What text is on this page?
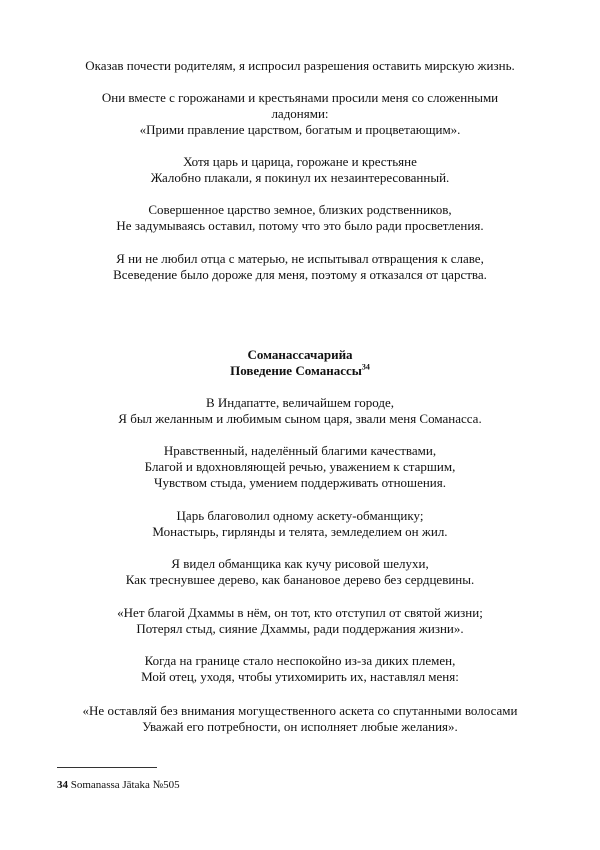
Оказав почести родителям, я испросил разрешения оставить мирскую жизнь.
Они вместе с горожанами и крестьянами просили меня со сложенными
ладонями:
«Прими правление царством, богатым и процветающим».
Хотя царь и царица, горожане и крестьяне
Жалобно плакали, я покинул их незаинтересованный.
Совершенное царство земное, близких родственников,
Не задумываясь оставил, потому что это было ради просветления.
Я ни не любил отца с матерью, не испытывал отвращения к славе,
Всеведение было дороже для меня, поэтому я отказался от царства.
Соманассачарийа
Поведение Соманассы$^{34}$
В Индапатте, величайшем городе,
Я был желанным и любимым сыном царя, звали меня Соманасса.
Нравственный, наделённый благими качествами,
Благой и вдохновляющей речью, уважением к старшим,
Чувством стыда, умением поддерживать отношения.
Царь благоволил одному аскету-обманщику;
Монастырь, гирлянды и телята, земледелием он жил.
Я видел обманщика как кучу рисовой шелухи,
Как треснувшее дерево, как банановое дерево без сердцевины.
«Нет благой Дхаммы в нём, он тот, кто отступил от святой жизни;
Потерял стыд, сияние Дхаммы, ради поддержания жизни».
Когда на границе стало неспокойно из-за диких племен,
Мой отец, уходя, чтобы утихомирить их, наставлял меня:
«Не оставляй без внимания могущественного аскета со спутанными волосами
Уважай его потребности, он исполняет любые желания».
34 Somanassa Jātaka №505
